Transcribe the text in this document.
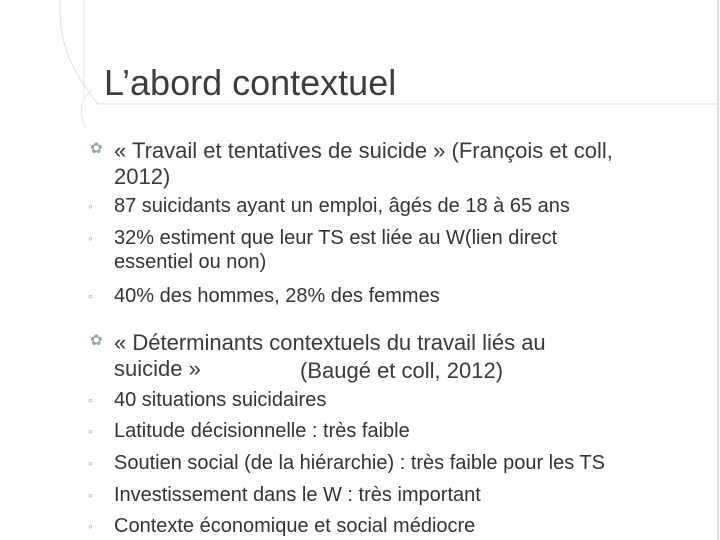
L’abord contextuel
✿ « Travail et tentatives de suicide » (François et coll,
2012)
◦ 87 suicidants ayant un emploi, âgés de 18 à 65 ans
◦ 32% estiment que leur TS est liée au W(lien direct
essentiel ou non)
◦ 40% des hommes, 28% des femmes
✿ « Déterminants contextuels du travail liés au
suicide »	(Baugé et coll, 2012)
◦ 40 situations suicidaires
◦ Latitude décisionnelle : très faible
◦ Soutien social (de la hiérarchie) : très faible pour les TS
◦ Investissement dans le W : très important
◦ Contexte économique et social médiocre
